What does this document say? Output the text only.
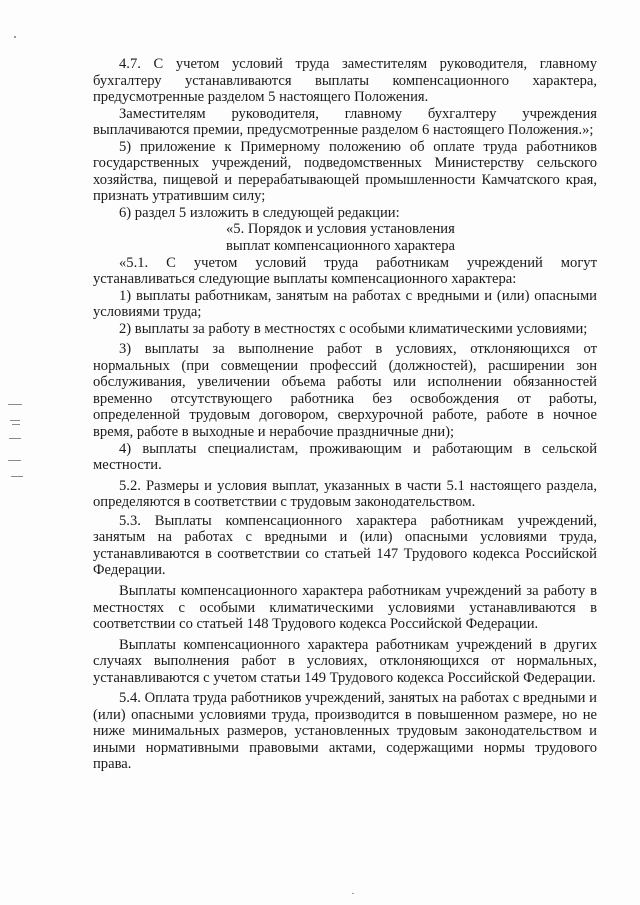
4.7. С учетом условий труда заместителям руководителя, главному бухгалтеру устанавливаются выплаты компенсационного характера, предусмотренные разделом 5 настоящего Положения.

Заместителям руководителя, главному бухгалтеру учреждения выплачиваются премии, предусмотренные разделом 6 настоящего Положения.»;

5) приложение к Примерному положению об оплате труда работников государственных учреждений, подведомственных Министерству сельского хозяйства, пищевой и перерабатывающей промышленности Камчатского края, признать утратившим силу;

6) раздел 5 изложить в следующей редакции:

«5. Порядок и условия установления

выплат компенсационного характера

«5.1. С учетом условий труда работникам учреждений могут устанавливаться следующие выплаты компенсационного характера:

1) выплаты работникам, занятым на работах с вредными и (или) опасными условиями труда;

2) выплаты за работу в местностях с особыми климатическими условиями;

3) выплаты за выполнение работ в условиях, отклоняющихся от нормальных (при совмещении профессий (должностей), расширении зон обслуживания, увеличении объема работы или исполнении обязанностей временно отсутствующего работника без освобождения от работы, определенной трудовым договором, сверхурочной работе, работе в ночное время, работе в выходные и нерабочие праздничные дни);

4) выплаты специалистам, проживающим и работающим в сельской местности.

5.2. Размеры и условия выплат, указанных в части 5.1 настоящего раздела, определяются в соответствии с трудовым законодательством.

5.3. Выплаты компенсационного характера работникам учреждений, занятым на работах с вредными и (или) опасными условиями труда, устанавливаются в соответствии со статьей 147 Трудового кодекса Российской Федерации.

Выплаты компенсационного характера работникам учреждений за работу в местностях с особыми климатическими условиями устанавливаются в соответствии со статьей 148 Трудового кодекса Российской Федерации.

Выплаты компенсационного характера работникам учреждений в других случаях выполнения работ в условиях, отклоняющихся от нормальных, устанавливаются с учетом статьи 149 Трудового кодекса Российской Федерации.

5.4. Оплата труда работников учреждений, занятых на работах с вредными и (или) опасными условиями труда, производится в повышенном размере, но не ниже минимальных размеров, установленных трудовым законодательством и иными нормативными правовыми актами, содержащими нормы трудового права.
